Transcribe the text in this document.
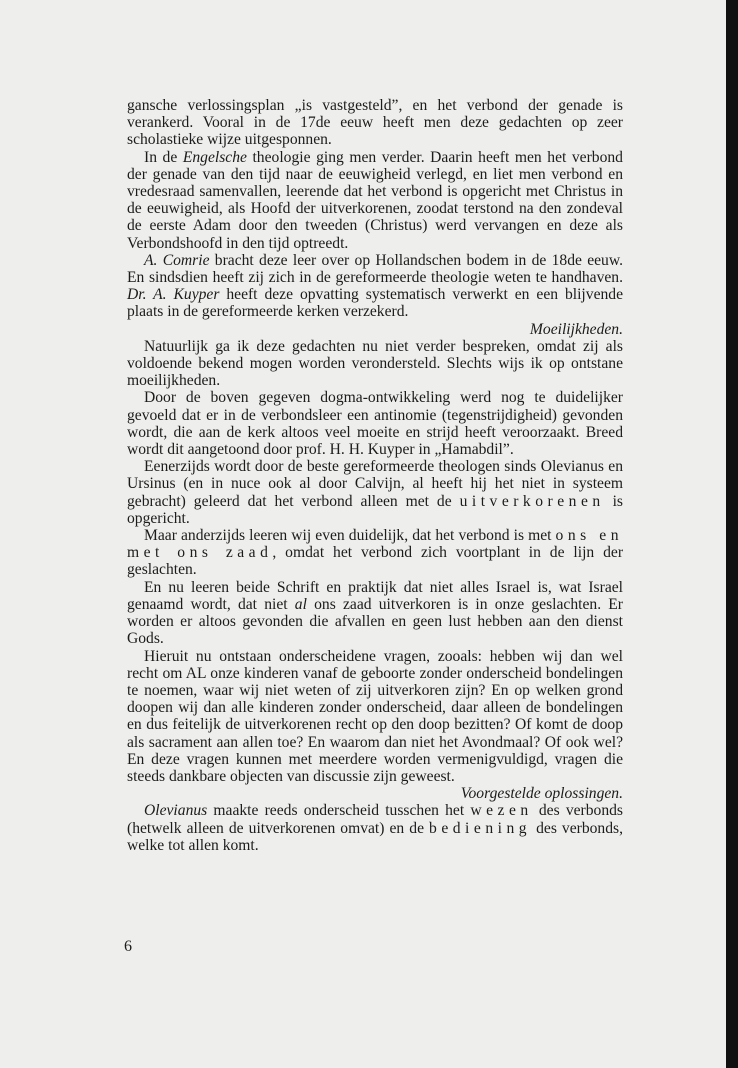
gansche verlossingsplan „is vastgesteld”, en het verbond der genade is verankerd. Vooral in de 17de eeuw heeft men deze gedachten op zeer scholastieke wijze uitgesponnen.

In de Engelsche theologie ging men verder. Daarin heeft men het verbond der genade van den tijd naar de eeuwigheid verlegd, en liet men verbond en vredesraad samenvallen, leerende dat het verbond is opgericht met Christus in de eeuwigheid, als Hoofd der uitverkorenen, zoodat terstond na den zondeval de eerste Adam door den tweeden (Christus) werd vervangen en deze als Verbondshoofd in den tijd optreedt.

A. Comrie bracht deze leer over op Hollandschen bodem in de 18de eeuw. En sindsdien heeft zij zich in de gereformeerde theologie weten te handhaven. Dr. A. Kuyper heeft deze opvatting systematisch verwerkt en een blijvende plaats in de gereformeerde kerken verzekerd.

Moeilijkheden.

Natuurlijk ga ik deze gedachten nu niet verder bespreken, omdat zij als voldoende bekend mogen worden verondersteld. Slechts wijs ik op ontstane moeilijkheden.

Door de boven gegeven dogma-ontwikkeling werd nog te duidelijker gevoeld dat er in de verbondsleer een antinomie (tegenstrijdigheid) gevonden wordt, die aan de kerk altoos veel moeite en strijd heeft veroorzaakt. Breed wordt dit aangetoond door prof. H. H. Kuyper in „Hamabdil”.

Eenerzijds wordt door de beste gereformeerde theologen sinds Olevianus en Ursinus (en in nuce ook al door Calvijn, al heeft hij het niet in systeem gebracht) geleerd dat het verbond alleen met de uitverkorenen is opgericht.

Maar anderzijds leeren wij even duidelijk, dat het verbond is met ons en met ons zaad, omdat het verbond zich voortplant in de lijn der geslachten.

En nu leeren beide Schrift en praktijk dat niet alles Israel is, wat Israel genaamd wordt, dat niet al ons zaad uitverkoren is in onze geslachten. Er worden er altoos gevonden die afvallen en geen lust hebben aan den dienst Gods.

Hieruit nu ontstaan onderscheidene vragen, zooals: hebben wij dan wel recht om AL onze kinderen vanaf de geboorte zonder onderscheid bondelingen te noemen, waar wij niet weten of zij uitverkoren zijn? En op welken grond doopen wij dan alle kinderen zonder onderscheid, daar alleen de bondelingen en dus feitelijk de uitverkorenen recht op den doop bezitten? Of komt de doop als sacrament aan allen toe? En waarom dan niet het Avondmaal? Of ook wel? En deze vragen kunnen met meerdere worden vermenigvuldigd, vragen die steeds dankbare objecten van discussie zijn geweest.

Voorgestelde oplossingen.

Olevianus maakte reeds onderscheid tusschen het wezen des verbonds (hetwelk alleen de uitverkorenen omvat) en de bediening des verbonds, welke tot allen komt.

6
